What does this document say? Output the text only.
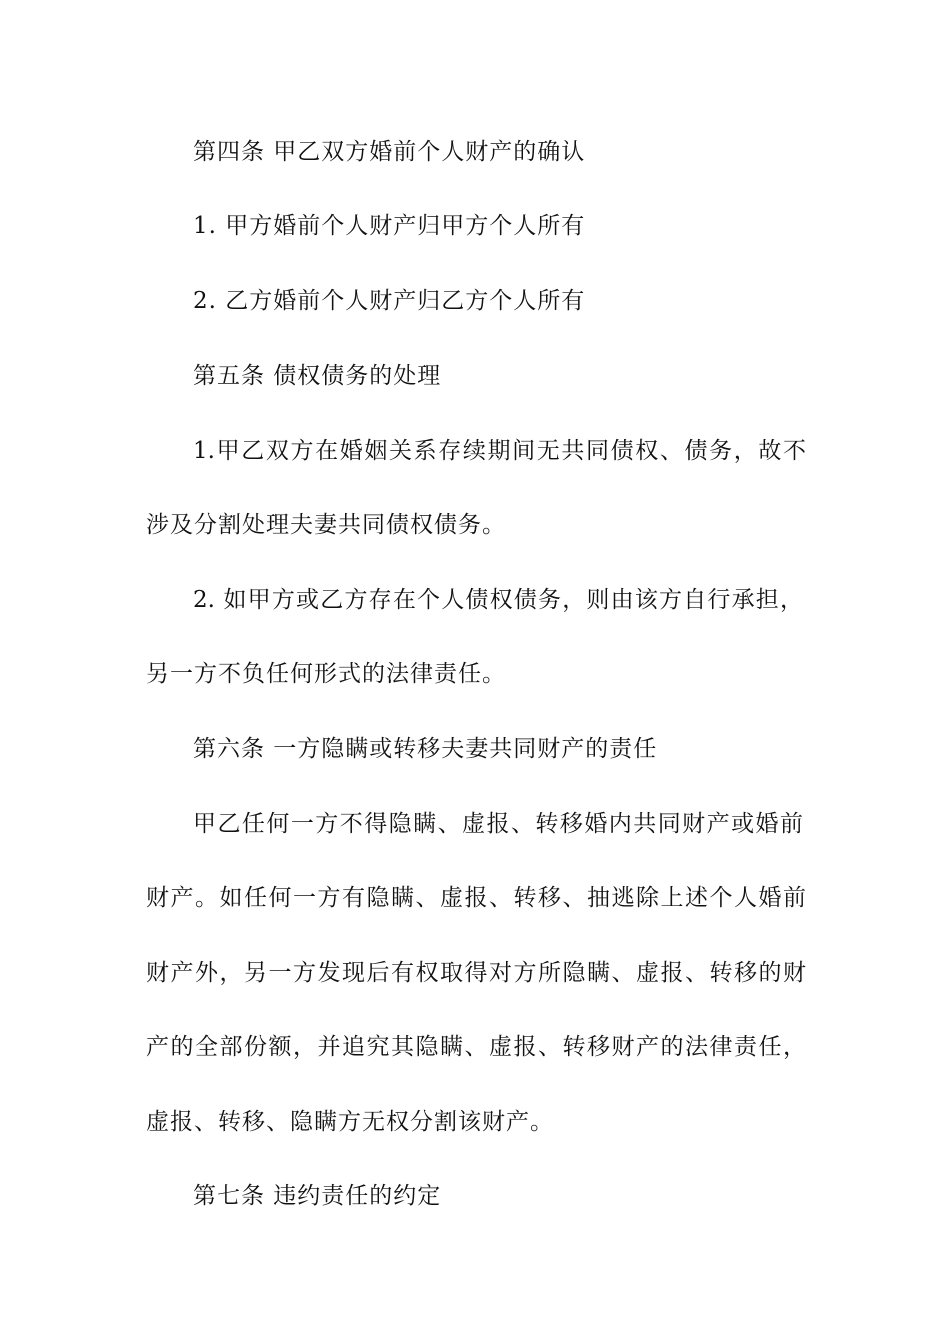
第四条 甲乙双方婚前个人财产的确认
1. 甲方婚前个人财产归甲方个人所有
2. 乙方婚前个人财产归乙方个人所有
第五条 债权债务的处理
1.甲乙双方在婚姻关系存续期间无共同债权、债务，故不
涉及分割处理夫妻共同债权债务。
2. 如甲方或乙方存在个人债权债务，则由该方自行承担，
另一方不负任何形式的法律责任。
第六条 一方隐瞒或转移夫妻共同财产的责任
甲乙任何一方不得隐瞒、虚报、转移婚内共同财产或婚前
财产。如任何一方有隐瞒、虚报、转移、抽逃除上述个人婚前
财产外，另一方发现后有权取得对方所隐瞒、虚报、转移的财
产的全部份额，并追究其隐瞒、虚报、转移财产的法律责任，
虚报、转移、隐瞒方无权分割该财产。
第七条 违约责任的约定
